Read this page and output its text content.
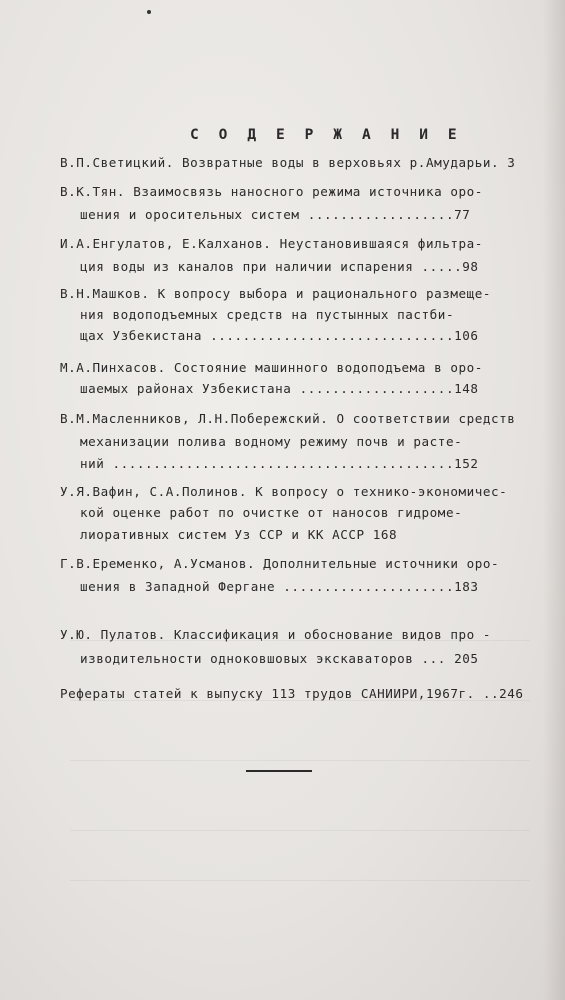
С О Д Е Р Ж А Н И Е
В.П.Светицкий. Возвратные воды в верховьях р.Амударьи. 3
В.К.Тян. Взаимосвязь наносного режима источника оро-
шения и оросительных систем ..................77
И.А.Енгулатов, Е.Калханов. Неустановившаяся фильтра-
ция воды из каналов при наличии испарения .....98
В.Н.Машков. К вопросу выбора и рационального размеще-
ния водоподъемных средств на пустынных пастби-
щах Узбекистана ..............................106
М.А.Пинхасов. Состояние машинного водоподъема в оро-
шаемых районах Узбекистана ...................148
В.М.Масленников, Л.Н.Побережский. О соответствии средств
механизации полива водному режиму почв и расте-
ний ..........................................152
У.Я.Вафин, С.А.Полинов. К вопросу о технико-экономичес-
кой оценке работ по очистке от наносов гидроме-
лиоративных систем Уз ССР и КК АССР 168
Г.В.Еременко, А.Усманов. Дополнительные источники оро-
шения в Западной Фергане .....................183
У.Ю. Пулатов. Классификация и обоснование видов про -
изводительности одноковшовых экскаваторов ... 205
Рефераты статей к выпуску 113 трудов САНИИРИ,1967г. ..246
